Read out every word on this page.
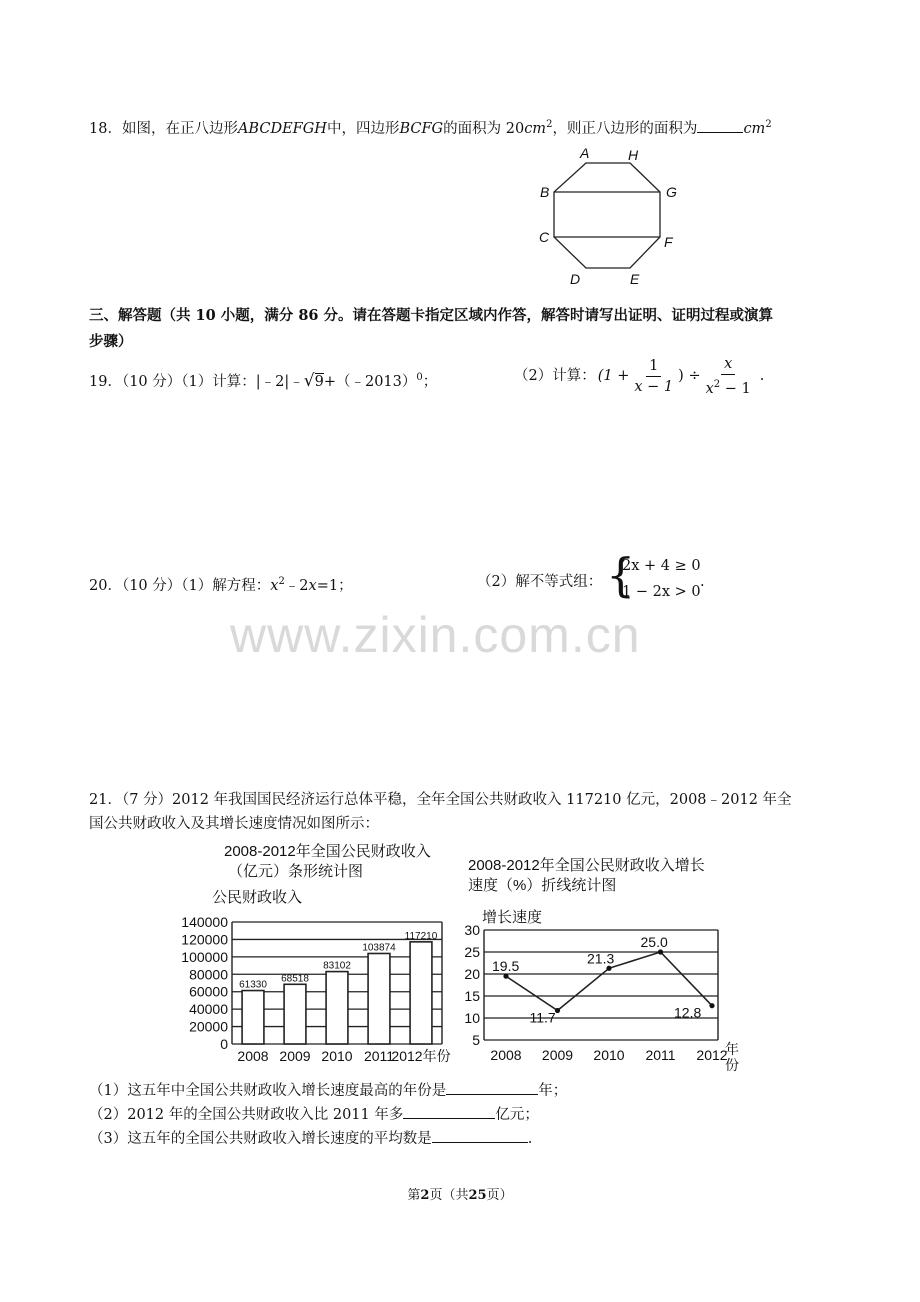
18．如图，在正八边形ABCDEFGH中，四边形BCFG的面积为 $20cm^2$，则正八边形的面积为	$cm^2$
A	H
B	G
C	F
D	E
三、解答题（共 10 小题，满分 86 分。请在答题卡指定区域内作答，解答时请写出证明、证明过程或演算
步骤）
19．（10 分）（1）计算：|﹣2|﹣√9+（﹣2013）$^0$；	（2）计算： ($1 + \frac{1}{x - 1}$ ) ÷ $\frac{x}{x^2 - 1}$ .
20．（10 分）（1）解方程：$x^2﹣2x=1$；	（2）解不等式组： {
2x + 4 ≥ 0
1 − 2x > 0
.
www.zixin.com.cn
21．（7 分）2012 年我国国民经济运行总体平稳，全年全国公共财政收入 117210 亿元，2008﹣2012 年全
国公共财政收入及其增长速度情况如图所示：
2008-2012年全国公民财政收入
（亿元）条形统计图
公民财政收入
140000
120000
100000
80000
60000
40000
20000
0
61330
68518
83102
103874
117210
2008 2009 2010 2011
2012年份
2008-2012年全国公民财政收入增长
速度（%）折线统计图
增长速度
30
25
20
15
10
5
19.5
11.7
21.3
25.0
12.8
2008 2009 2010 2011 2012
年
份
（1）这五年中全国公共财政收入增长速度最高的年份是	年；
（2）2012 年的全国公共财政收入比 2011 年多	亿元；
（3）这五年的全国公共财政收入增长速度的平均数是	.
第2页（共25页）
